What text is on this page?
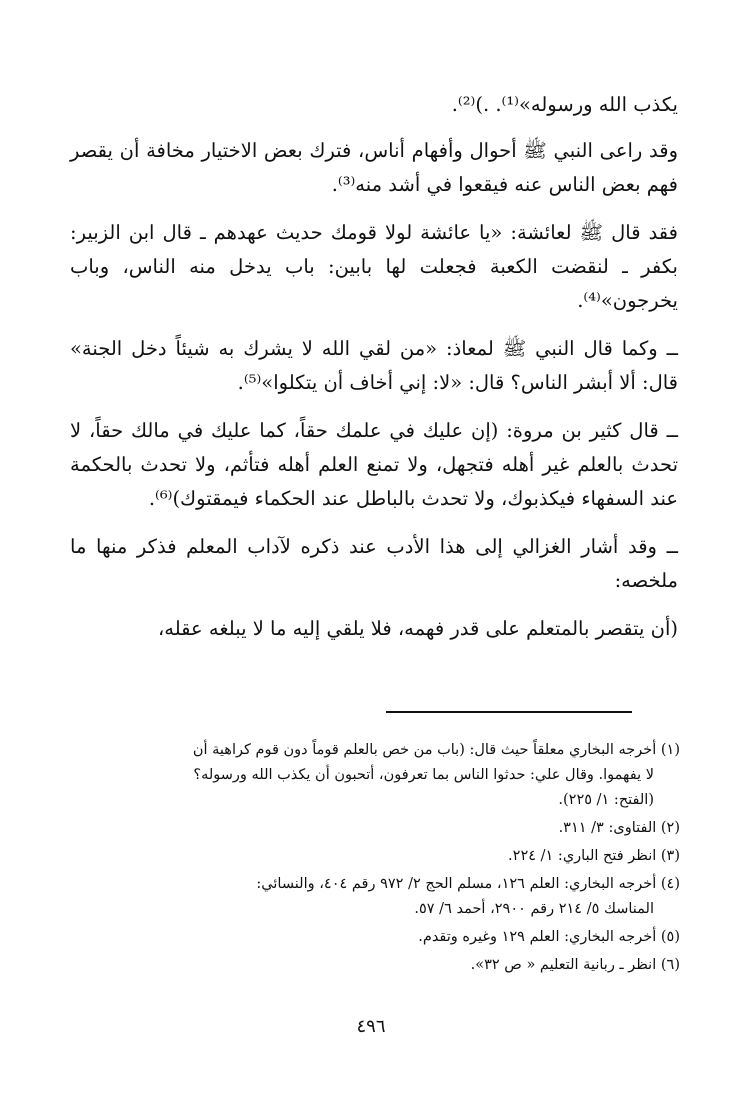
يكذب الله ورسوله»⁽¹⁾. .)⁽²⁾.

وقد راعى النبي ﷺ أحوال وأفهام أناس، فترك بعض الاختيار مخافة أن يقصر فهم بعض الناس عنه فيقعوا في أشد منه⁽³⁾.

فقد قال ﷺ لعائشة: «يا عائشة لولا قومك حديث عهدهم ـ قال ابن الزبير: بكفر ـ لنقضت الكعبة فجعلت لها بابين: باب يدخل منه الناس، وباب يخرجون»⁽⁴⁾.

ــ وكما قال النبي ﷺ لمعاذ: «من لقي الله لا يشرك به شيئاً دخل الجنة» قال: ألا أبشر الناس؟ قال: «لا: إني أخاف أن يتكلوا»⁽⁵⁾.

ــ قال كثير بن مروة: (إن عليك في علمك حقاً، كما عليك في مالك حقاً، لا تحدث بالعلم غير أهله فتجهل، ولا تمنع العلم أهله فتأثم، ولا تحدث بالحكمة عند السفهاء فيكذبوك، ولا تحدث بالباطل عند الحكماء فيمقتوك)⁽⁶⁾.

ــ وقد أشار الغزالي إلى هذا الأدب عند ذكره لآداب المعلم فذكر منها ما ملخصه:

(أن يتقصر بالمتعلم على قدر فهمه، فلا يلقي إليه ما لا يبلغه عقله،

(١) أخرجه البخاري معلقاً حيث قال: (باب من خص بالعلم قوماً دون قوم كراهية أن
لا يفهموا. وقال علي: حدثوا الناس بما تعرفون، أتحبون أن يكذب الله ورسوله؟
(الفتح: ١/ ٢٢٥).

(٢) الفتاوى: ٣/ ٣١١.

(٣) انظر فتح الباري: ١/ ٢٢٤.

(٤) أخرجه البخاري: العلم ١٢٦، مسلم الحج ٢/ ٩٧٢ رقم ٤٠٤، والنسائي:
المناسك ٥/ ٢١٤ رقم ٢٩٠٠، أحمد ٦/ ٥٧.

(٥) أخرجه البخاري: العلم ١٢٩ وغيره وتقدم.

(٦) انظر ـ ربانية التعليم « ص ٣٢».

٤٩٦
